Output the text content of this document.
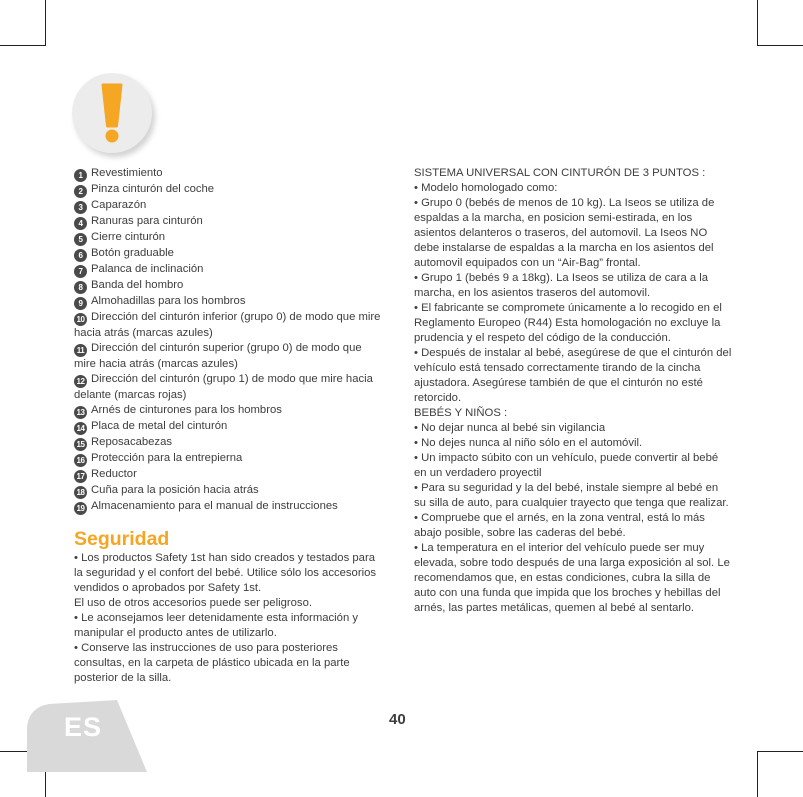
1 Revestimiento
2 Pinza cinturón del coche
3 Caparazón
4 Ranuras para cinturón
5 Cierre cinturón
6 Botón graduable
7 Palanca de inclinación
8 Banda del hombro
9 Almohadillas para los hombros
10 Dirección del cinturón inferior (grupo 0) de modo que mire hacia atrás (marcas azules)
11 Dirección del cinturón superior (grupo 0) de modo que mire hacia atrás (marcas azules)
12 Dirección del cinturón (grupo 1) de modo que mire hacia delante (marcas rojas)
13 Arnés de cinturones para los hombros
14 Placa de metal del cinturón
15 Reposacabezas
16 Protección para la entrepierna
17 Reductor
18 Cuña para la posición hacia atrás
19 Almacenamiento para el manual de instrucciones
Seguridad

• Los productos Safety 1st han sido creados y testados para la seguridad y el confort del bebé. Utilice sólo los accesorios vendidos o aprobados por Safety 1st.

El uso de otros accesorios puede ser peligroso.

• Le aconsejamos leer detenidamente esta información y manipular el producto antes de utilizarlo.

• Conserve las instrucciones de uso para posteriores consultas, en la carpeta de plástico ubicada en la parte posterior de la silla.

SISTEMA UNIVERSAL CON CINTURÓN DE 3 PUNTOS :

• Modelo homologado como:

• Grupo 0 (bebés de menos de 10 kg). La Iseos se utiliza de espaldas a la marcha, en posicion semi-estirada, en los asientos delanteros o traseros, del automovil. La Iseos NO debe instalarse de espaldas a la marcha en los asientos del automovil equipados con un “Air-Bag” frontal.

• Grupo 1 (bebés 9 a 18kg). La Iseos se utiliza de cara a la marcha, en los asientos traseros del automovil.

• El fabricante se compromete únicamente a lo recogido en el Reglamento Europeo (R44) Esta homologación no excluye la prudencia y el respeto del código de la conducción.

• Después de instalar al bebé, asegúrese de que el cinturón del vehículo está tensado correctamente tirando de la cincha ajustadora. Asegúrese también de que el cinturón no esté retorcido.

BEBÉS Y NIÑOS :

• No dejar nunca al bebé sin vigilancia

• No dejes nunca al niño sólo en el automóvil.

• Un impacto súbito con un vehículo, puede convertir al bebé en un verdadero proyectil

• Para su seguridad y la del bebé, instale siempre al bebé en su silla de auto, para cualquier trayecto que tenga que realizar.

• Compruebe que el arnés, en la zona ventral, está lo más abajo posible, sobre las caderas del bebé.

• La temperatura en el interior del vehículo puede ser muy elevada, sobre todo después de una larga exposición al sol. Le recomendamos que, en estas condiciones, cubra la silla de auto con una funda que impida que los broches y hebillas del arnés, las partes metálicas, quemen al bebé al sentarlo.

40
ES
